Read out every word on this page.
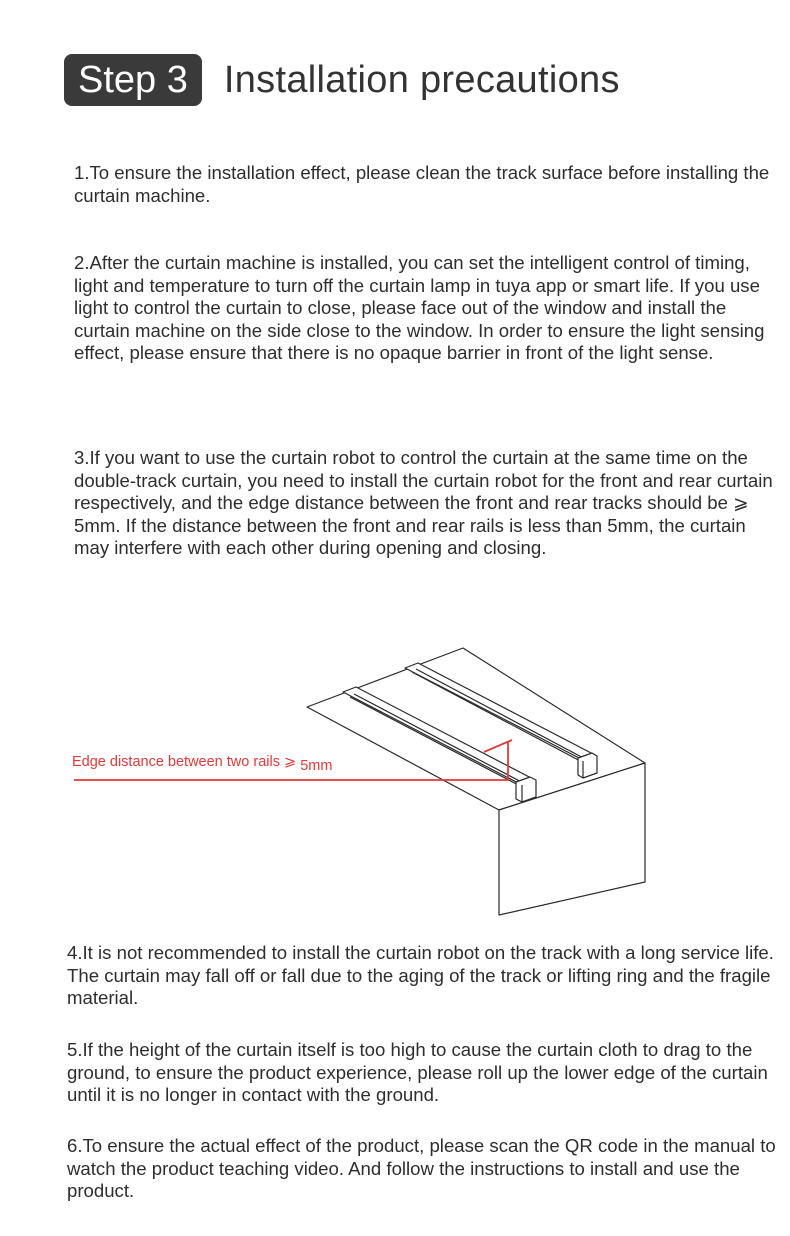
Step 3 Installation precautions

1.To ensure the installation effect, please clean the track surface before installing the curtain machine.

2.After the curtain machine is installed, you can set the intelligent control of timing, light and temperature to turn off the curtain lamp in tuya app or smart life. If you use light to control the curtain to close, please face out of the window and install the curtain machine on the side close to the window. In order to ensure the light sensing effect, please ensure that there is no opaque barrier in front of the light sense.

3.If you want to use the curtain robot to control the curtain at the same time on the double-track curtain, you need to install the curtain robot for the front and rear curtain respectively, and the edge distance between the front and rear tracks should be ⩾ 5mm. If the distance between the front and rear rails is less than 5mm, the curtain may interfere with each other during opening and closing.

Edge distance between two rails ⩾ 5mm

4.It is not recommended to install the curtain robot on the track with a long service life. The curtain may fall off or fall due to the aging of the track or lifting ring and the fragile material.

5.If the height of the curtain itself is too high to cause the curtain cloth to drag to the ground, to ensure the product experience, please roll up the lower edge of the curtain until it is no longer in contact with the ground.

6.To ensure the actual effect of the product, please scan the QR code in the manual to watch the product teaching video. And follow the instructions to install and use the product.
